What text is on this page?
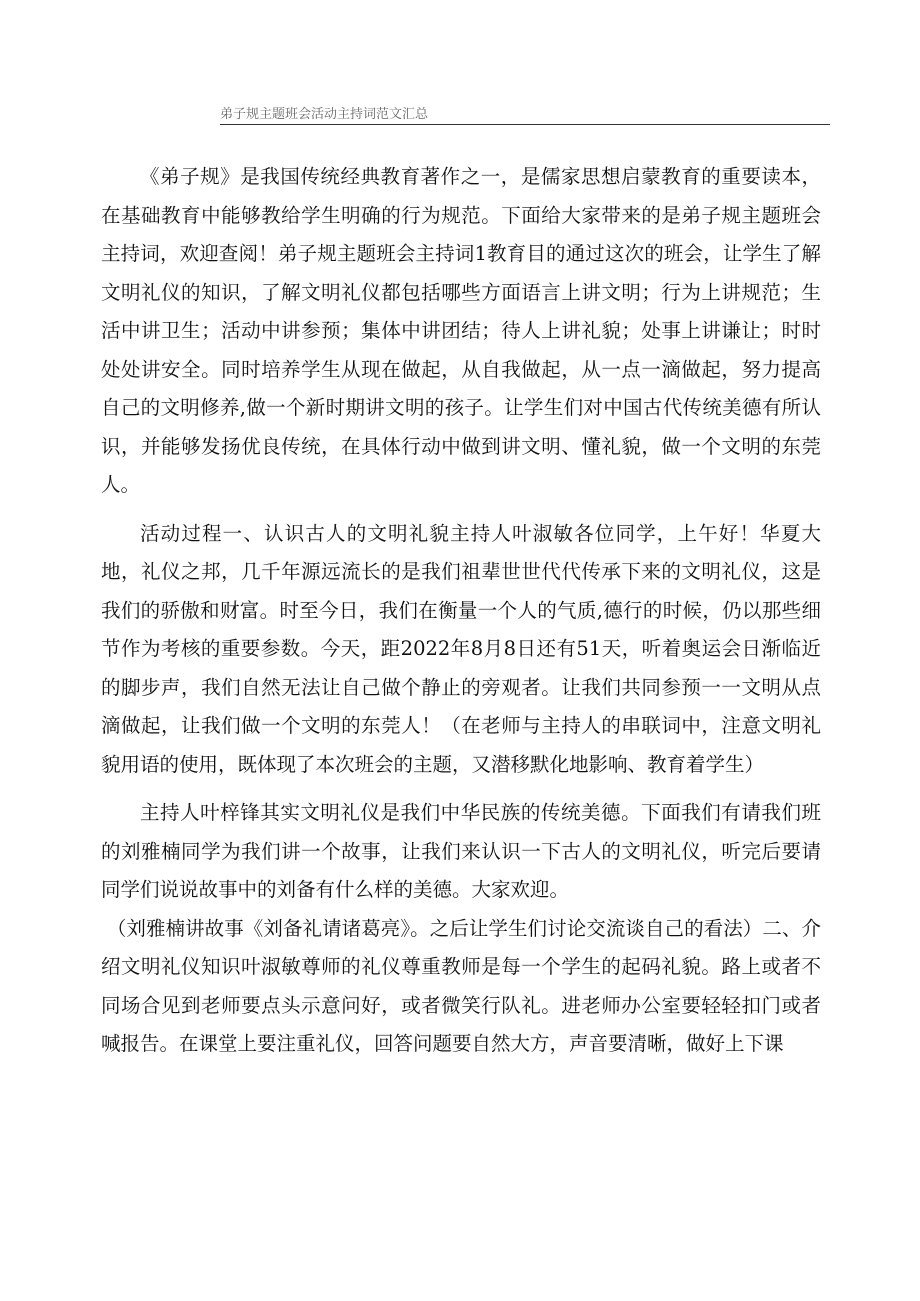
弟子规主题班会活动主持词范文汇总

《弟子规》是我国传统经典教育著作之一，是儒家思想启蒙教育的重要读本，在基础教育中能够教给学生明确的行为规范。下面给大家带来的是弟子规主题班会主持词，欢迎查阅！弟子规主题班会主持词1教育目的通过这次的班会，让学生了解文明礼仪的知识，了解文明礼仪都包括哪些方面语言上讲文明；行为上讲规范；生活中讲卫生；活动中讲参预；集体中讲团结；待人上讲礼貌；处事上讲谦让；时时处处讲安全。同时培养学生从现在做起，从自我做起，从一点一滴做起，努力提高自己的文明修养,做一个新时期讲文明的孩子。让学生们对中国古代传统美德有所认识，并能够发扬优良传统，在具体行动中做到讲文明、懂礼貌，做一个文明的东莞人。

活动过程一、认识古人的文明礼貌主持人叶淑敏各位同学，上午好！华夏大地，礼仪之邦，几千年源远流长的是我们祖辈世世代代传承下来的文明礼仪，这是我们的骄傲和财富。时至今日，我们在衡量一个人的气质,德行的时候，仍以那些细节作为考核的重要参数。今天，距2022年8月8日还有51天，听着奥运会日渐临近的脚步声，我们自然无法让自己做个静止的旁观者。让我们共同参预一一文明从点滴做起，让我们做一个文明的东莞人！（在老师与主持人的串联词中，注意文明礼貌用语的使用，既体现了本次班会的主题，又潜移默化地影响、教育着学生）

主持人叶梓锋其实文明礼仪是我们中华民族的传统美德。下面我们有请我们班的刘雅楠同学为我们讲一个故事，让我们来认识一下古人的文明礼仪，听完后要请同学们说说故事中的刘备有什么样的美德。大家欢迎。

（刘雅楠讲故事《刘备礼请诸葛亮》。之后让学生们讨论交流谈自己的看法）二、介绍文明礼仪知识叶淑敏尊师的礼仪尊重教师是每一个学生的起码礼貌。路上或者不同场合见到老师要点头示意问好，或者微笑行队礼。进老师办公室要轻轻扣门或者喊报告。在课堂上要注重礼仪，回答问题要自然大方，声音要清晰，做好上下课
